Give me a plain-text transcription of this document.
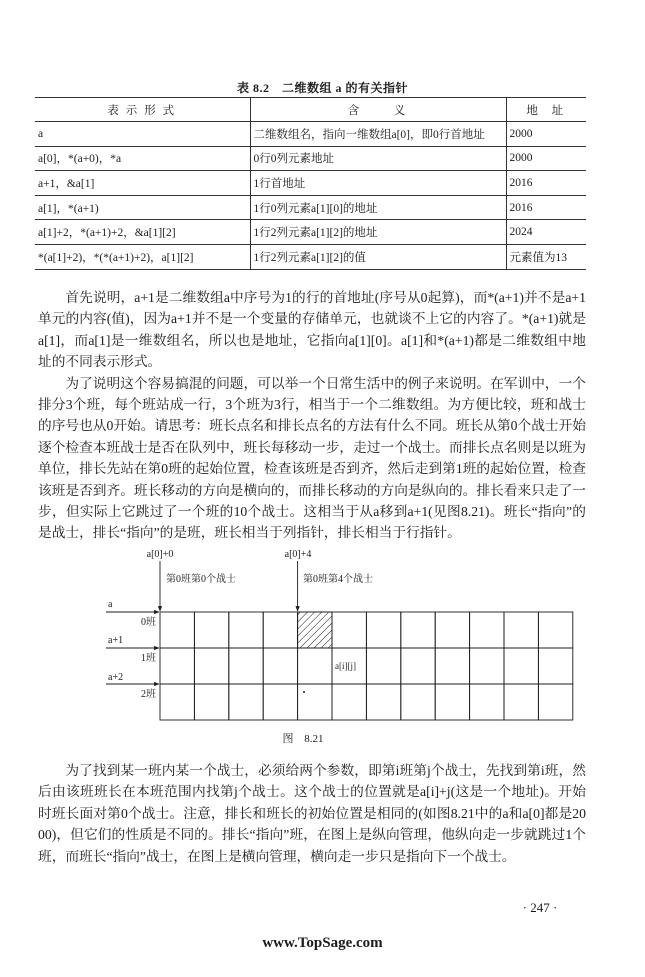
表 8.2　二维数组 a 的有关指针
表示形式	含义	地址
a	二维数组名，指向一维数组a[0]，即0行首地址	2000
a[0]，*(a+0)，*a	0行0列元素地址	2000
a+1，&a[1]	1行首地址	2016
a[1]，*(a+1)	1行0列元素a[1][0]的地址	2016
a[1]+2，*(a+1)+2，&a[1][2]	1行2列元素a[1][2]的地址	2024
*(a[1]+2)，*(*(a+1)+2)，a[1][2]	1行2列元素a[1][2]的值	元素值为13

首先说明，a+1是二维数组a中序号为1的行的首地址(序号从0起算)，而*(a+1)并不是a+1单元的内容(值)，因为a+1并不是一个变量的存储单元，也就谈不上它的内容了。*(a+1)就是a[1]，而a[1]是一维数组名，所以也是地址，它指向a[1][0]。a[1]和*(a+1)都是二维数组中地址的不同表示形式。

为了说明这个容易搞混的问题，可以举一个日常生活中的例子来说明。在军训中，一个排分3个班，每个班站成一行，3个班为3行，相当于一个二维数组。为方便比较，班和战士的序号也从0开始。请思考：班长点名和排长点名的方法有什么不同。班长从第0个战士开始逐个检查本班战士是否在队列中，班长每移动一步，走过一个战士。而排长点名则是以班为单位，排长先站在第0班的起始位置，检查该班是否到齐，然后走到第1班的起始位置，检查该班是否到齐。班长移动的方向是横向的，而排长移动的方向是纵向的。排长看来只走了一步，但实际上它跳过了一个班的10个战士。这相当于从a移到a+1(见图8.21)。班长“指向”的是战士，排长“指向”的是班，班长相当于列指针，排长相当于行指针。

a[0]+0
第0班第0个战士
a[0]+4
第0班第4个战士
a
0班
a+1
1班
a+2
2班
a[i][j]
图 8.21

为了找到某一班内某一个战士，必须给两个参数，即第i班第j个战士，先找到第i班，然后由该班班长在本班范围内找第j个战士。这个战士的位置就是a[i]+j(这是一个地址)。开始时班长面对第0个战士。注意，排长和班长的初始位置是相同的(如图8.21中的a和a[0]都是2000)，但它们的性质是不同的。排长“指向”班，在图上是纵向管理，他纵向走一步就跳过1个班，而班长“指向”战士，在图上是横向管理，横向走一步只是指向下一个战士。

· 247 ·
www.TopSage.com
